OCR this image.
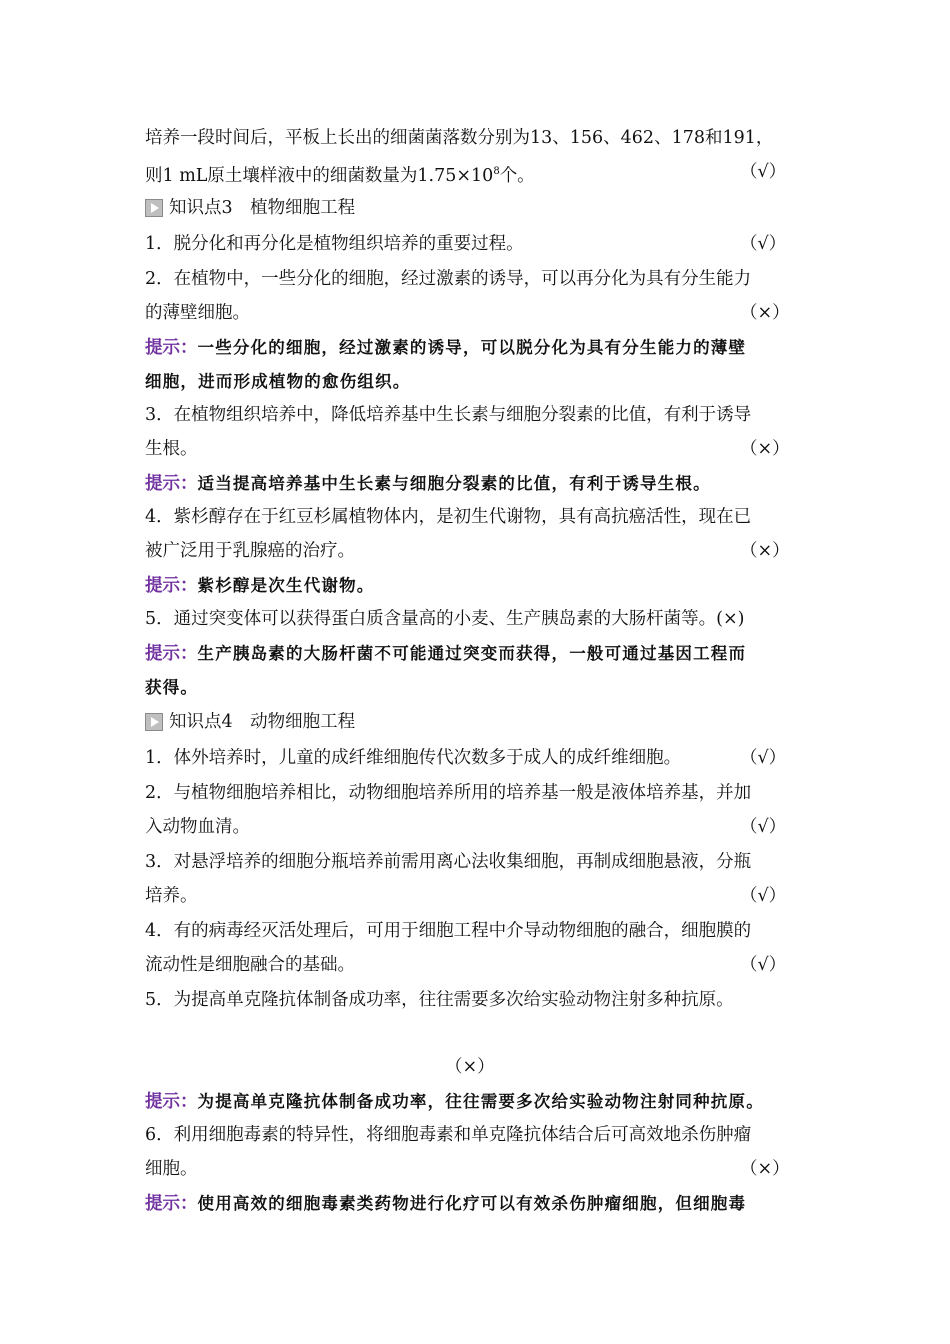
培养一段时间后，平板上长出的细菌菌落数分别为13、156、462、178和191，
则1 mL原土壤样液中的细菌数量为$1.75\times 10^8$个。	（√）
知识点3　植物细胞工程
1．脱分化和再分化是植物组织培养的重要过程。	（√）
2．在植物中，一些分化的细胞，经过激素的诱导，可以再分化为具有分生能力
的薄壁细胞。	（×）
提示：一些分化的细胞，经过激素的诱导，可以脱分化为具有分生能力的薄壁
细胞，进而形成植物的愈伤组织。
3．在植物组织培养中，降低培养基中生长素与细胞分裂素的比值，有利于诱导
生根。	（×）
提示：适当提高培养基中生长素与细胞分裂素的比值，有利于诱导生根。
4．紫杉醇存在于红豆杉属植物体内，是初生代谢物，具有高抗癌活性，现在已
被广泛用于乳腺癌的治疗。	（×）
提示：紫杉醇是次生代谢物。
5．通过突变体可以获得蛋白质含量高的小麦、生产胰岛素的大肠杆菌等。(×)
提示：生产胰岛素的大肠杆菌不可能通过突变而获得，一般可通过基因工程而
获得。
知识点4　动物细胞工程
1．体外培养时，儿童的成纤维细胞传代次数多于成人的成纤维细胞。	（√）
2．与植物细胞培养相比，动物细胞培养所用的培养基一般是液体培养基，并加
入动物血清。	（√）
3．对悬浮培养的细胞分瓶培养前需用离心法收集细胞，再制成细胞悬液，分瓶
培养。	（√）
4．有的病毒经灭活处理后，可用于细胞工程中介导动物细胞的融合，细胞膜的
流动性是细胞融合的基础。	（√）
5．为提高单克隆抗体制备成功率，往往需要多次给实验动物注射多种抗原。
（×）
提示：为提高单克隆抗体制备成功率，往往需要多次给实验动物注射同种抗原。
6．利用细胞毒素的特异性，将细胞毒素和单克隆抗体结合后可高效地杀伤肿瘤
细胞。	（×）
提示：使用高效的细胞毒素类药物进行化疗可以有效杀伤肿瘤细胞，但细胞毒
